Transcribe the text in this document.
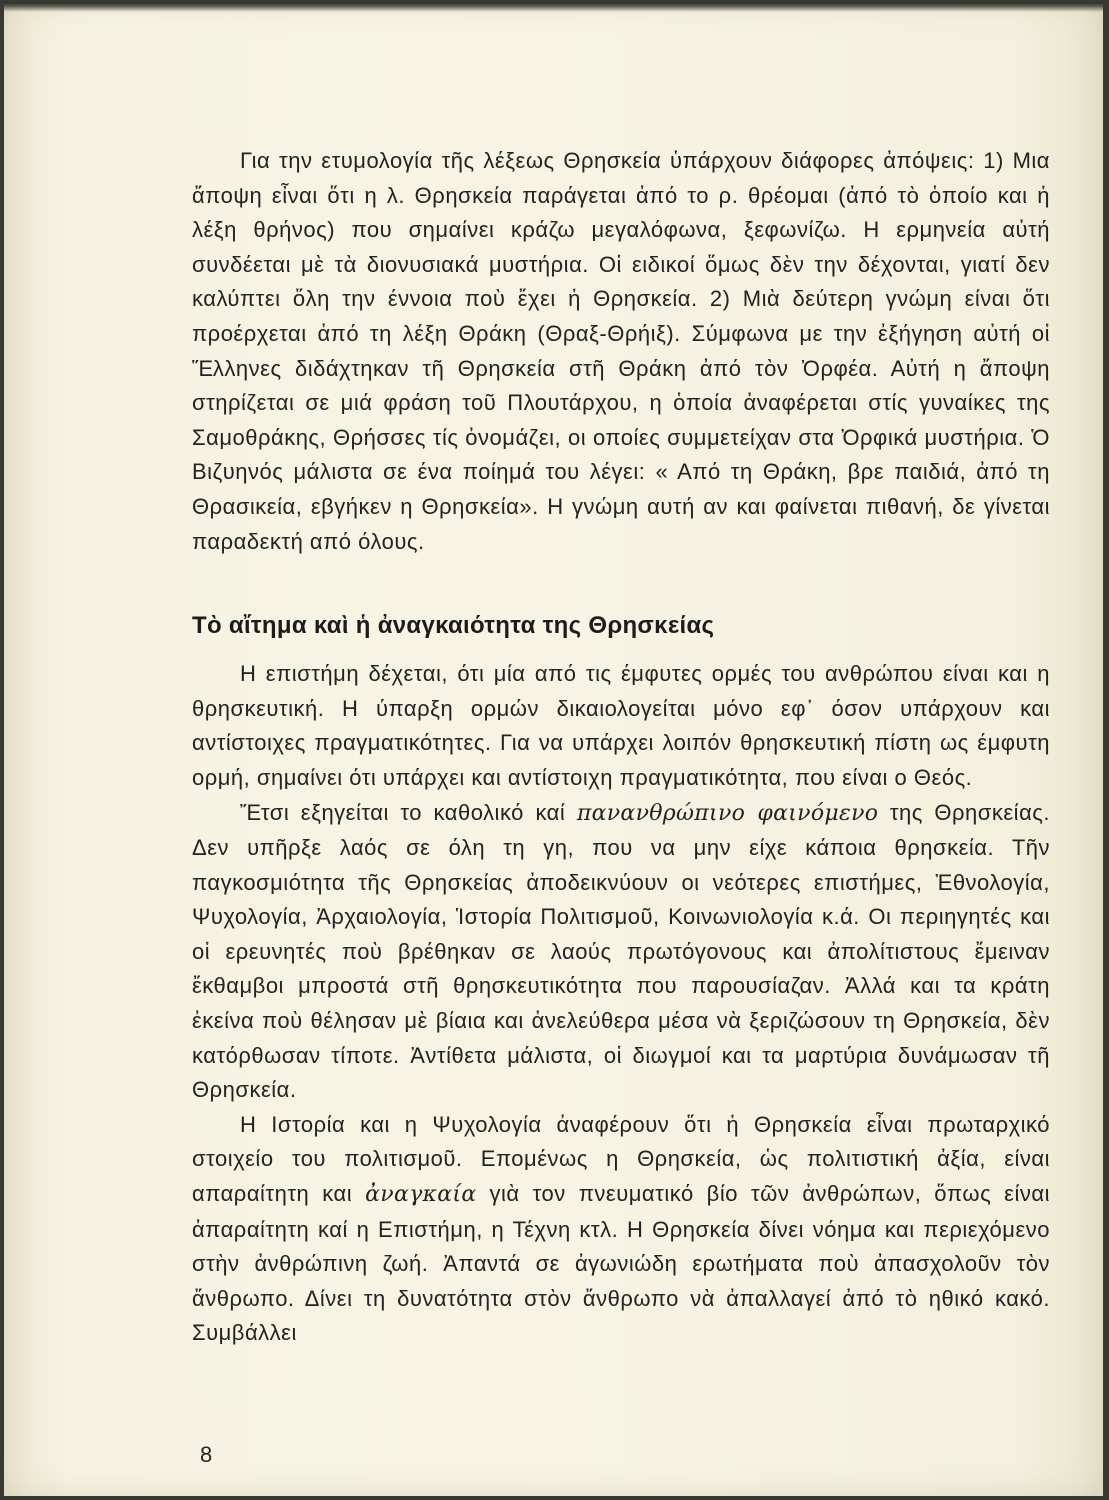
Για την ετυμολογία τῆς λέξεως Θρησκεία ὑπάρχουν διάφορες ἀπόψεις: 1) Μια ἄποψη εἶναι ὅτι η λ. Θρησκεία παράγεται ἀπό το ρ. θρέομαι (ἀπό τὸ ὁποίο και ἡ λέξη θρήνος) που σημαίνει κράζω μεγαλόφωνα, ξεφωνίζω. Η ερμηνεία αὐτή συνδέεται μὲ τὰ διονυσιακά μυστήρια. Οἱ ειδικοί ὅμως δὲν την δέχονται, γιατί δεν καλύπτει ὅλη την έννοια ποὺ ἔχει ἡ Θρησκεία. 2) Μιὰ δεύτερη γνώμη είναι ὅτι προέρχεται ἀπό τη λέξη Θράκη (Θραξ-Θρήιξ). Σύμφωνα με την ἐξήγηση αὐτή οἱ Ἕλληνες διδάχτηκαν τῆ Θρησκεία στῆ Θράκη ἀπό τὸν Ὀρφέα. Αὐτή η ἄποψη στηρίζεται σε μιά φράση τοῦ Πλουτάρχου, η ὁποία ἀναφέρεται στίς γυναίκες της Σαμοθράκης, Θρήσσες τίς ὀνομάζει, οι οποίες συμμετείχαν στα Ὀρφικά μυστήρια. Ὁ Βιζυηνός μάλιστα σε ένα ποίημά του λέγει: « Από τη Θράκη, βρε παιδιά, ἀπό τη Θρασικεία, εβγήκεν η Θρησκεία». Η γνώμη αυτή αν και φαίνεται πιθανή, δε γίνεται παραδεκτή από όλους.

Τὸ αἴτημα καὶ ἡ ἀναγκαιότητα της Θρησκείας

Η επιστήμη δέχεται, ότι μία από τις έμφυτες ορμές του ανθρώπου είναι και η θρησκευτική. Η ύπαρξη ορμών δικαιολογείται μόνο εφ᾽ όσον υπάρχουν και αντίστοιχες πραγματικότητες. Για να υπάρχει λοιπόν θρησκευτική πίστη ως έμφυτη ορμή, σημαίνει ότι υπάρχει και αντίστοιχη πραγματικότητα, που είναι ο Θεός.

Ἔτσι εξηγείται το καθολικό καί πανανθρώπινο φαινόμενο της Θρησκείας. Δεν υπῆρξε λαός σε όλη τη γη, που να μην είχε κάποια θρησκεία. Τῆν παγκοσμιότητα τῆς Θρησκείας ἀποδεικνύουν οι νεότερες επιστήμες, Ἐθνολογία, Ψυχολογία, Ἀρχαιολογία, Ἱστορία Πολιτισμοῦ, Κοινωνιολογία κ.ά. Οι περιηγητές και οἱ ερευνητές ποὺ βρέθηκαν σε λαούς πρωτόγονους και ἀπολίτιστους ἔμειναν ἔκθαμβοι μπροστά στῆ θρησκευτικότητα που παρουσίαζαν. Ἀλλά και τα κράτη ἐκείνα ποὺ θέλησαν μὲ βίαια και ἀνελεύθερα μέσα νὰ ξεριζώσουν τη Θρησκεία, δὲν κατόρθωσαν τίποτε. Ἀντίθετα μάλιστα, οἱ διωγμοί και τα μαρτύρια δυνάμωσαν τῆ Θρησκεία.

Η Ιστορία και η Ψυχολογία ἀναφέρουν ὅτι ἡ Θρησκεία εἶναι πρωταρχικό στοιχείο του πολιτισμοῦ. Επομένως η Θρησκεία, ὡς πολιτιστική ἀξία, είναι απαραίτητη και ἀναγκαία γιὰ τον πνευματικό βίο τῶν ἀνθρώπων, ὅπως είναι ἀπαραίτητη καί η Επιστήμη, η Τέχνη κτλ. Η Θρησκεία δίνει νόημα και περιεχόμενο στὴν ἀνθρώπινη ζωή. Ἀπαντά σε ἀγωνιώδη ερωτήματα ποὺ ἀπασχολοῦν τὸν ἄνθρωπο. Δίνει τη δυνατότητα στὸν ἄνθρωπο νὰ ἀπαλλαγεί ἀπό τὸ ηθικό κακό. Συμβάλλει

8
